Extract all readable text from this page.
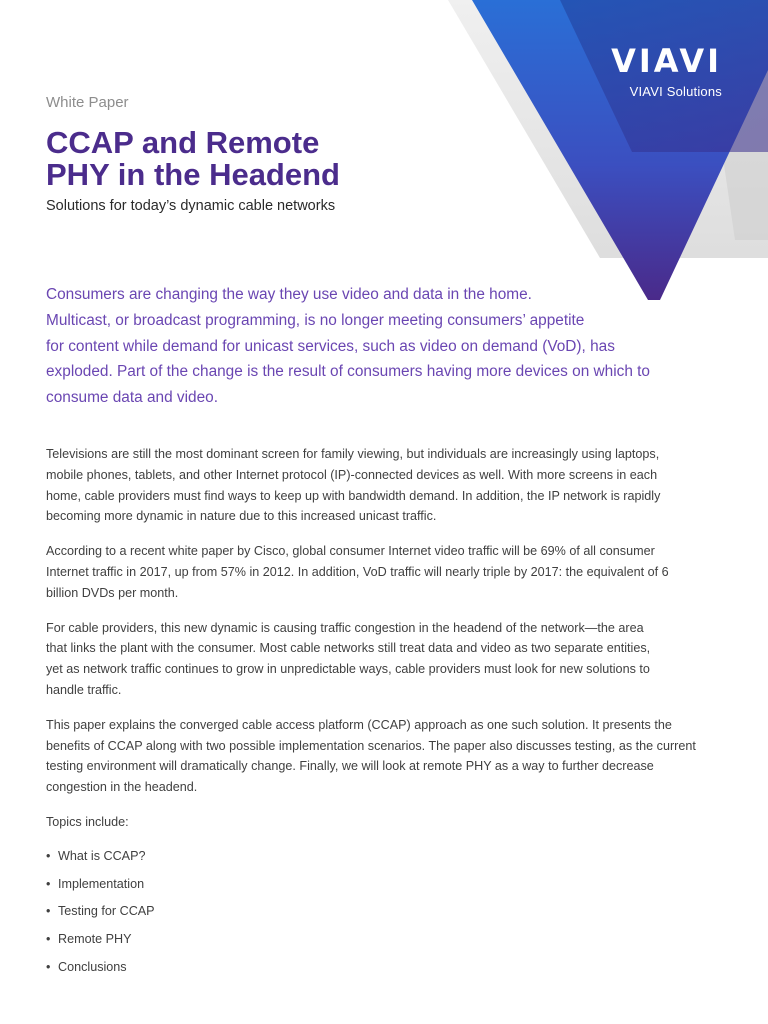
VIAVI
VIAVI Solutions
White Paper
CCAP and Remote
PHY in the Headend
Solutions for today’s dynamic cable networks
Consumers are changing the way they use video and data in the home.
Multicast, or broadcast programming, is no longer meeting consumers’ appetite
for content while demand for unicast services, such as video on demand (VoD), has
exploded. Part of the change is the result of consumers having more devices on which to
consume data and video.

Televisions are still the most dominant screen for family viewing, but individuals are increasingly using laptops,
mobile phones, tablets, and other Internet protocol (IP)-connected devices as well. With more screens in each
home, cable providers must find ways to keep up with bandwidth demand. In addition, the IP network is rapidly
becoming more dynamic in nature due to this increased unicast traffic.

According to a recent white paper by Cisco, global consumer Internet video traffic will be 69% of all consumer
Internet traffic in 2017, up from 57% in 2012. In addition, VoD traffic will nearly triple by 2017: the equivalent of 6
billion DVDs per month.

For cable providers, this new dynamic is causing traffic congestion in the headend of the network—the area
that links the plant with the consumer. Most cable networks still treat data and video as two separate entities,
yet as network traffic continues to grow in unpredictable ways, cable providers must look for new solutions to
handle traffic.

This paper explains the converged cable access platform (CCAP) approach as one such solution. It presents the
benefits of CCAP along with two possible implementation scenarios. The paper also discusses testing, as the current
testing environment will dramatically change. Finally, we will look at remote PHY as a way to further decrease
congestion in the headend.

Topics include:
• What is CCAP?
• Implementation
• Testing for CCAP
• Remote PHY
• Conclusions
